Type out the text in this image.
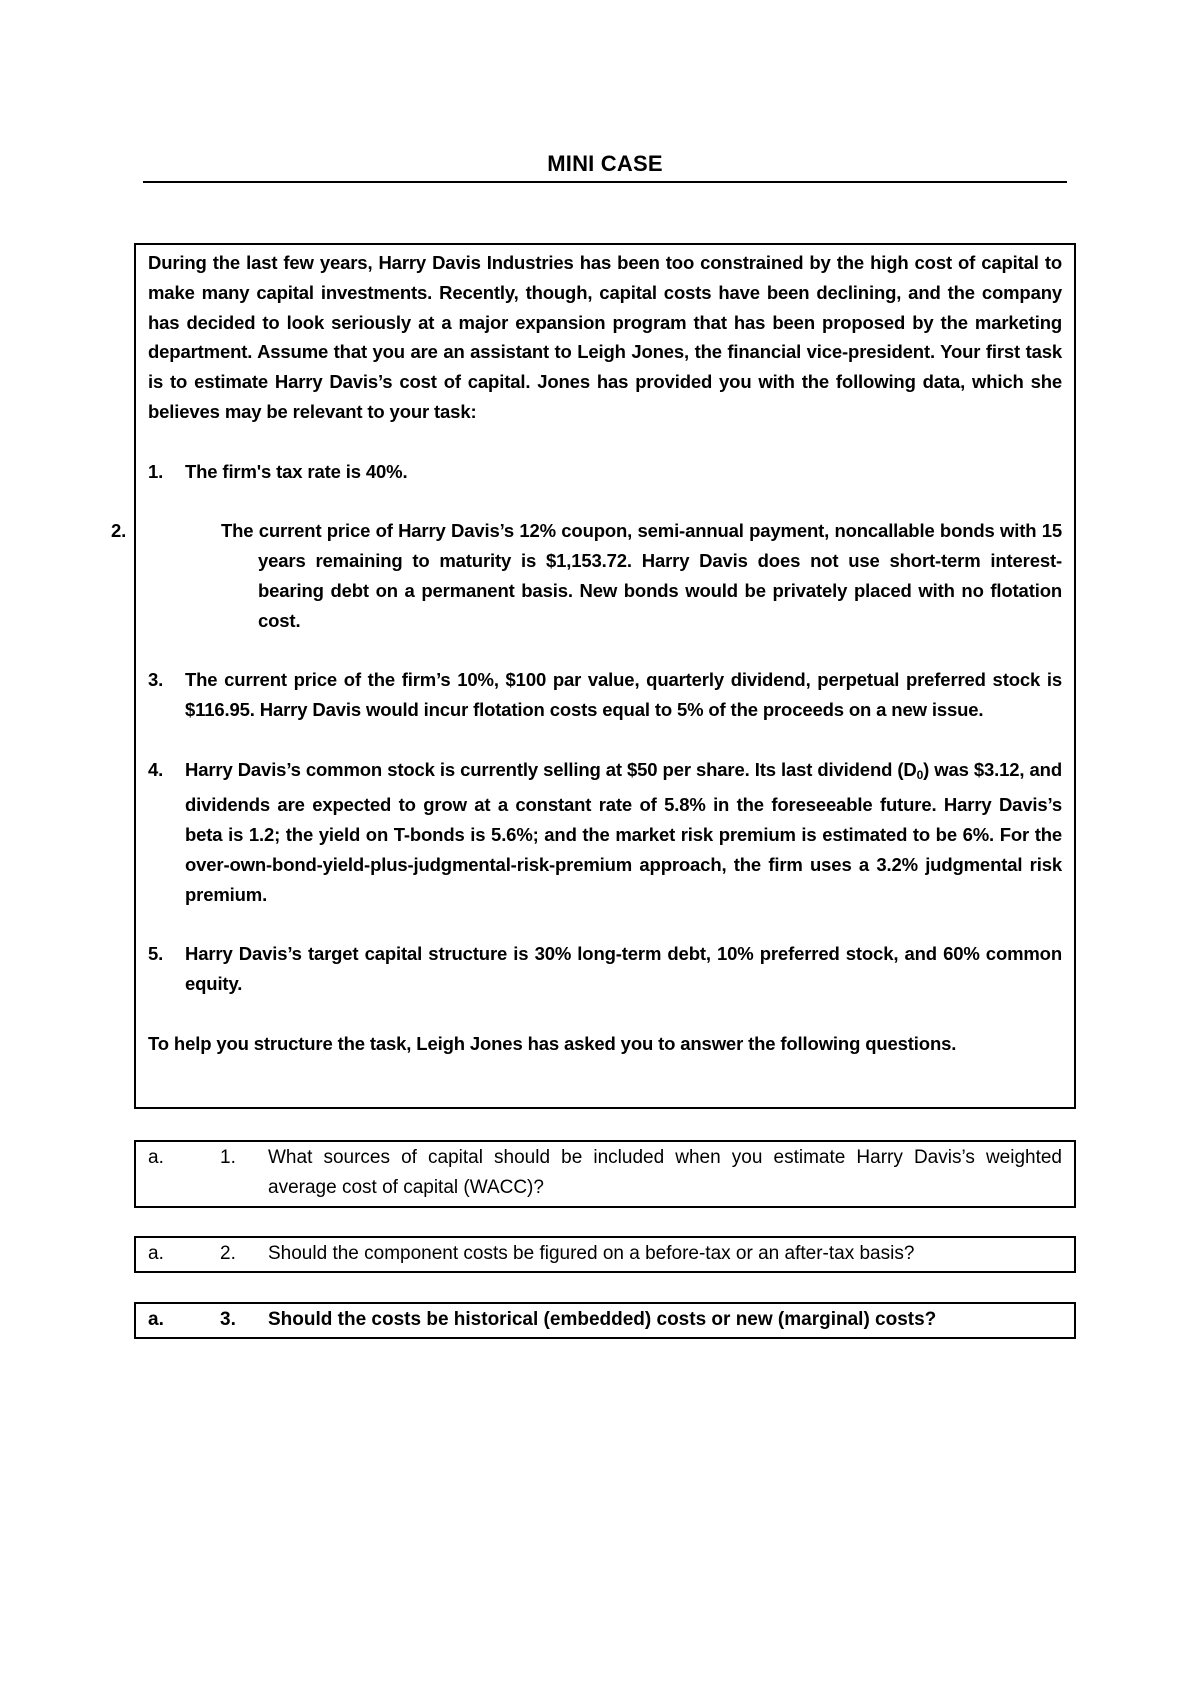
MINI CASE

During the last few years, Harry Davis Industries has been too constrained by the high cost of capital to make many capital investments. Recently, though, capital costs have been declining, and the company has decided to look seriously at a major expansion program that has been proposed by the marketing department. Assume that you are an assistant to Leigh Jones, the financial vice-president. Your first task is to estimate Harry Davis’s cost of capital. Jones has provided you with the following data, which she believes may be relevant to your task:

1. The firm's tax rate is 40%.
2.	The current price of Harry Davis’s 12% coupon, semi-annual payment, noncallable bonds with 15 years remaining to maturity is $1,153.72. Harry Davis does not use short-term interest-bearing debt on a permanent basis. New bonds would be privately placed with no flotation cost.
3. The current price of the firm’s 10%, $100 par value, quarterly dividend, perpetual preferred stock is $116.95. Harry Davis would incur flotation costs equal to 5% of the proceeds on a new issue.
4. Harry Davis’s common stock is currently selling at $50 per share. Its last dividend $(D_0)$ was $3.12, and dividends are expected to grow at a constant rate of 5.8% in the foreseeable future. Harry Davis’s beta is 1.2; the yield on T-bonds is 5.6%; and the market risk premium is estimated to be 6%. For the over-own-bond-yield-plus-judgmental-risk-premium approach, the firm uses a 3.2% judgmental risk premium.
5. Harry Davis’s target capital structure is 30% long-term debt, 10% preferred stock, and 60% common equity.

To help you structure the task, Leigh Jones has asked you to answer the following questions.

a.	1. What sources of capital should be included when you estimate Harry Davis’s weighted average cost of capital (WACC)?
a.	2. Should the component costs be figured on a before-tax or an after-tax basis?
a.	3. Should the costs be historical (embedded) costs or new (marginal) costs?
